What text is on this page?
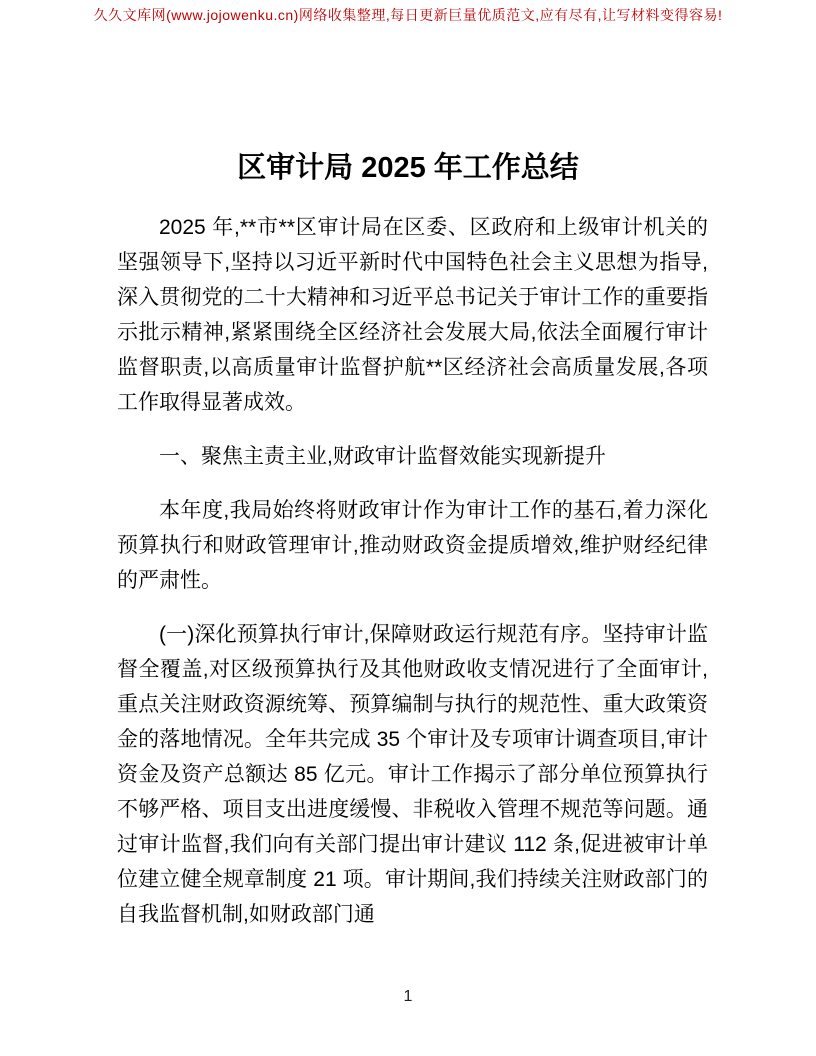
久久文库网(www.jojowenku.cn)网络收集整理,每日更新巨量优质范文,应有尽有,让写材料变得容易!
区审计局 2025 年工作总结

2025 年,**市**区审计局在区委、区政府和上级审计机关的坚强领导下,坚持以习近平新时代中国特色社会主义思想为指导,深入贯彻党的二十大精神和习近平总书记关于审计工作的重要指示批示精神,紧紧围绕全区经济社会发展大局,依法全面履行审计监督职责,以高质量审计监督护航**区经济社会高质量发展,各项工作取得显著成效。

一、聚焦主责主业,财政审计监督效能实现新提升

本年度,我局始终将财政审计作为审计工作的基石,着力深化预算执行和财政管理审计,推动财政资金提质增效,维护财经纪律的严肃性。

(一)深化预算执行审计,保障财政运行规范有序。坚持审计监督全覆盖,对区级预算执行及其他财政收支情况进行了全面审计,重点关注财政资源统筹、预算编制与执行的规范性、重大政策资金的落地情况。全年共完成 35 个审计及专项审计调查项目,审计资金及资产总额达 85 亿元。审计工作揭示了部分单位预算执行不够严格、项目支出进度缓慢、非税收入管理不规范等问题。通过审计监督,我们向有关部门提出审计建议 112 条,促进被审计单位建立健全规章制度 21 项。审计期间,我们持续关注财政部门的自我监督机制,如财政部门通

1
